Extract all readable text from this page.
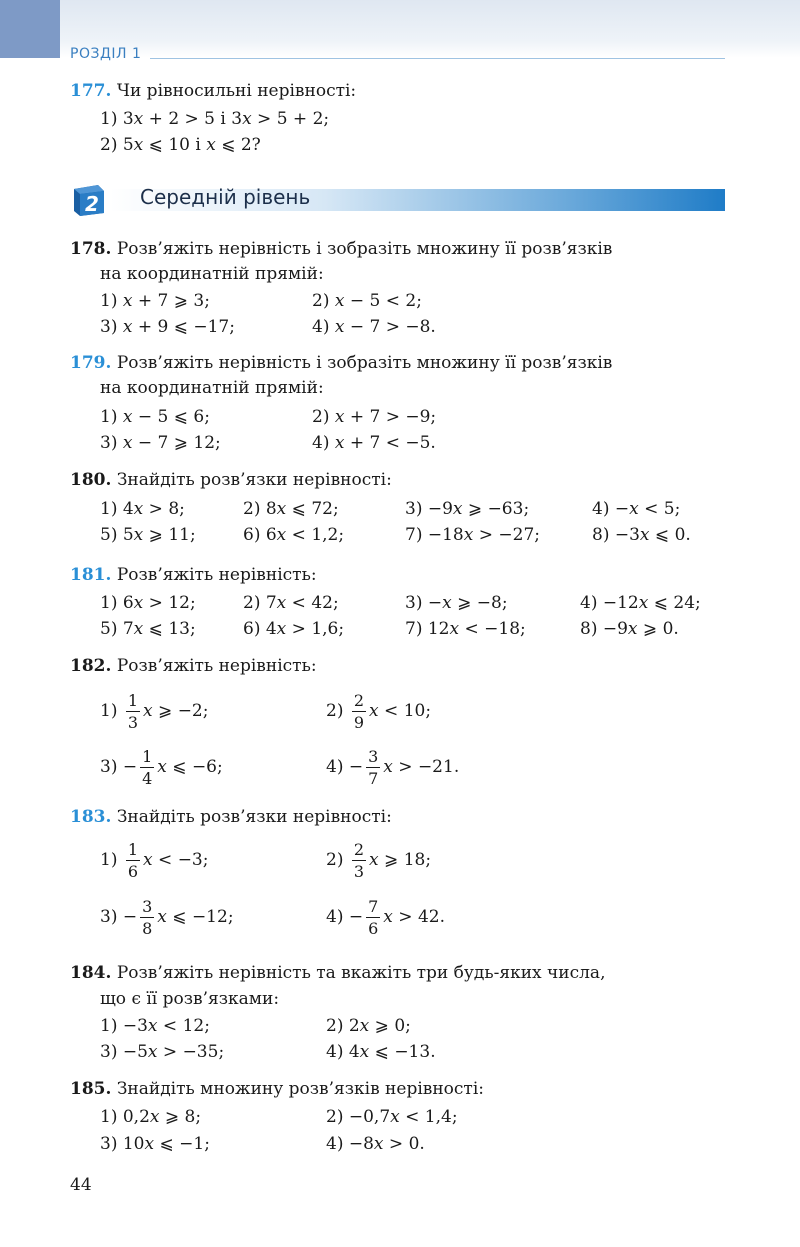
РОЗДІЛ 1
177. Чи рівносильні нерівності:
1) 3x + 2 > 5 і 3x > 5 + 2;
2) 5x ⩽ 10 і x ⩽ 2?
2 Середній рівень
178. Розв’яжіть нерівність і зобразіть множину її розв’язків
на координатній прямій:
1) x + 7 ⩾ 3;	2) x − 5 < 2;
3) x + 9 ⩽ −17;	4) x − 7 > −8.
179. Розв’яжіть нерівність і зобразіть множину її розв’язків
на координатній прямій:
1) x − 5 ⩽ 6;	2) x + 7 > −9;
3) x − 7 ⩾ 12;	4) x + 7 < −5.
180. Знайдіть розв’язки нерівності:
1) 4x > 8;	2) 8x ⩽ 72;	3) −9x ⩾ −63;	4) −x < 5;
5) 5x ⩾ 11;	6) 6x < 1,2;	7) −18x > −27;	8) −3x ⩽ 0.
181. Розв’яжіть нерівність:
1) 6x > 12;	2) 7x < 42;	3) −x ⩾ −8;	4) −12x ⩽ 24;
5) 7x ⩽ 13;	6) 4x > 1,6;	7) 12x < −18;	8) −9x ⩾ 0.
182. Розв’яжіть нерівність:
$1) \frac{1}{3}$ x ⩾ −2;	$2) \frac{2}{9}$ x < 10;
$3) - \frac{1}{4}$ x ⩽ −6;	$4) - \frac{3}{7}$ x > −21.
183. Знайдіть розв’язки нерівності:
$1) \frac{1}{6}$ x < −3;	$2) \frac{2}{3}$ x ⩾ 18;
$3) - \frac{3}{8}$ x ⩽ −12;	$4) - \frac{7}{6}$ x > 42.
184. Розв’яжіть нерівність та вкажіть три будь-яких числа,
що є її розв’язками:
1) −3x < 12;	2) 2x ⩾ 0;
3) −5x > −35;	4) 4x ⩽ −13.
185. Знайдіть множину розв’язків нерівності:
1) 0,2x ⩾ 8;	2) −0,7x < 1,4;
3) 10x ⩽ −1;	4) −8x > 0.
44
